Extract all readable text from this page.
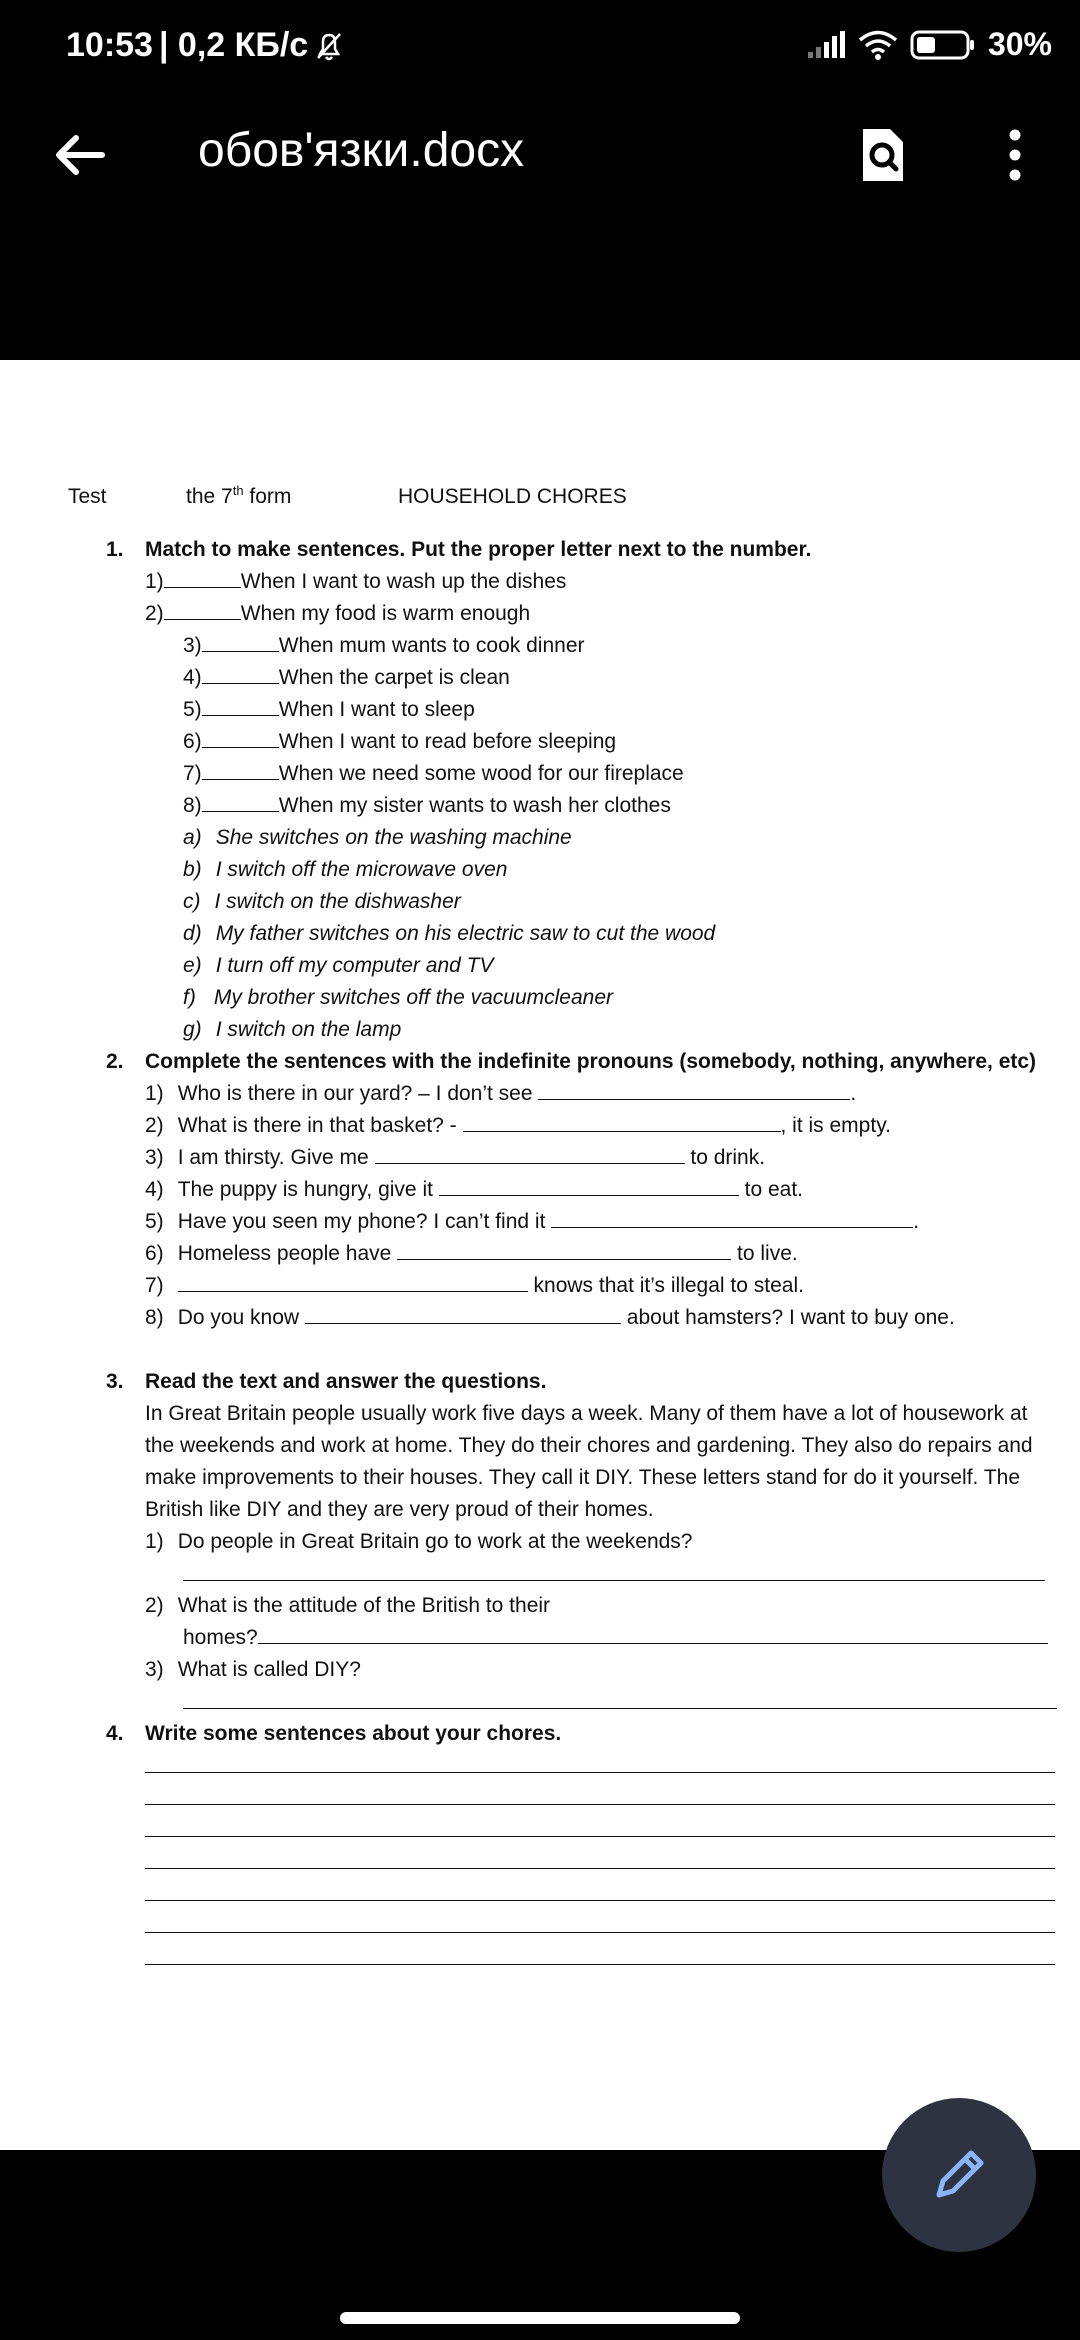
10:53 | 0,2 КБ/с	30%
обов'язки.docx
Test	the 7th form	HOUSEHOLD CHORES
1. Match to make sentences. Put the proper letter next to the number.
1)	When I want to wash up the dishes
2)	When my food is warm enough
3)	When mum wants to cook dinner
4)	When the carpet is clean
5)	When I want to sleep
6)	When I want to read before sleeping
7)	When we need some wood for our fireplace
8)	When my sister wants to wash her clothes
a) She switches on the washing machine
b) I switch off the microwave oven
c) I switch on the dishwasher
d) My father switches on his electric saw to cut the wood
e) I turn off my computer and TV
f) My brother switches off the vacuumcleaner
g) I switch on the lamp
2. Complete the sentences with the indefinite pronouns (somebody, nothing, anywhere, etc)
1) Who is there in our yard? – I don’t see	.
2) What is there in that basket? -	, it is empty.
3) I am thirsty. Give me	to drink.
4) The puppy is hungry, give it	to eat.
5) Have you seen my phone? I can’t find it	.
6) Homeless people have	to live.
7)	knows that it’s illegal to steal.
8) Do you know	about hamsters? I want to buy one.
3. Read the text and answer the questions.
In Great Britain people usually work five days a week. Many of them have a lot of housework at
the weekends and work at home. They do their chores and gardening. They also do repairs and
make improvements to their houses. They call it DIY. These letters stand for do it yourself. The
British like DIY and they are very proud of their homes.
1) Do people in Great Britain go to work at the weekends?
2) What is the attitude of the British to their
homes?
3) What is called DIY?
4. Write some sentences about your chores.
